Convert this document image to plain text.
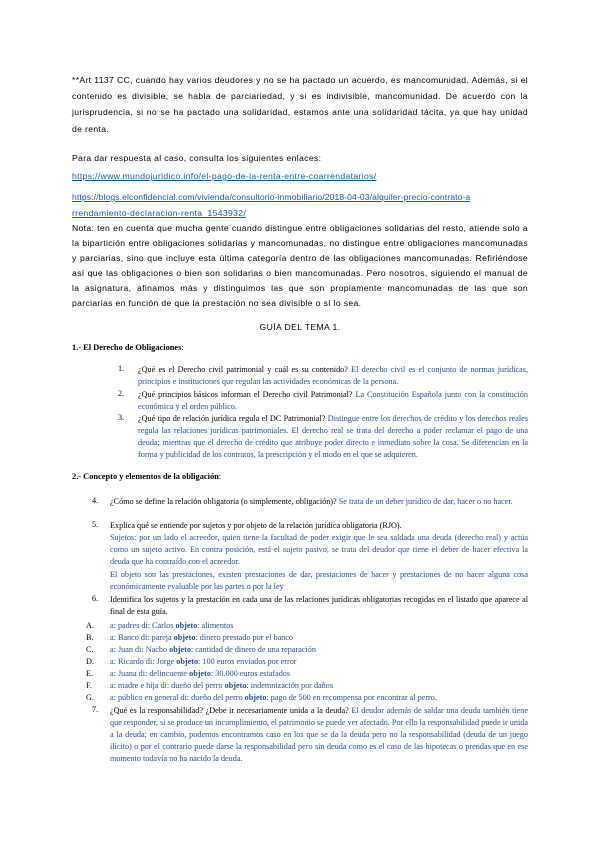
**Art 1137 CC, cuando hay varios deudores y no se ha pactado un acuerdo, es mancomunidad. Además, si el contenido es divisible, se habla de parciariedad, y si es indivisible, mancomunidad. De acuerdo con la jurisprudencia, si no se ha pactado una solidaridad, estamos ante una solidaridad tácita, ya que hay unidad de renta.

Para dar respuesta al caso, consulta los siguientes enlaces:

https://www.mundojuridico.info/el-pago-de-la-renta-entre-coarrendatarios/

https://blogs.elconfidencial.com/vivienda/consultorio-inmobiliario/2018-04-03/alquiler-precio-contrato-a

rrendamiento-declaracion-renta_1543932/

Nota: ten en cuenta que mucha gente cuando distingue entre obligaciones solidarias del resto, atiende solo a la bipartición entre obligaciones solidarias y mancomunadas, no distingue entre obligaciones mancomunadas y parciarias, sino que incluye esta última categoría dentro de las obligaciones mancomunadas. Refiriéndose así que las obligaciones o bien son solidarias o bien mancomunadas. Pero nosotros, siguiendo el manual de la asignatura, afinamos más y distinguimos las que son propiamente mancomunadas de las que son parciarias en función de que la prestación no sea divisible o sí lo sea.

GUÍA DEL TEMA 1.
1.- El Derecho de Obligaciones:
1. ¿Qué es el Derecho civil patrimonial y cuál es su contenido? El derecho civil es el conjunto de normas jurídicas, principios e instituciones que regulan las actividades económicas de la persona.

2. ¿Qué principios básicos informan el Derecho civil Patrimonial? La Constitución Española junto con la constitución económica y el orden público.

3. ¿Qué tipo de relación jurídica regula el DC Patrimonial? Distingue entre los derechos de crédito y los derechos reales regula las relaciones jurídicas patrimoniales. El derecho real se trata del derecho a poder reclamar el pago de una deuda; mientras que el derecho de crédito que atribuye poder directo e inmediato sobre la cosa. Se diferencian en la forma y publicidad de los contratos, la prescripción y el modo en el que se adquieren.

2.- Concepto y elementos de la obligación:
4. ¿Cómo se define la relación obligatoria (o simplemente, obligación)? Se trata de un deber jurídico de dar, hacer o no hacer.

5. Explica qué se entiende por sujetos y por objeto de la relación jurídica obligatoria (RJO).

Sujetos: por un lado el acreedor, quien tiene la facultad de poder exigir que le sea saldada una deuda (derecho real) y actúa como un sujeto activo. En contra posición, está el sujeto pasivo, se trata del deudor que tiene el deber de hacer efectiva la deuda que ha contraído con el acreedor.

El objeto son las prestaciones, existen prestaciones de dar, prestaciones de hacer y prestaciones de no hacer alguna cosa económicamente evaluable por las partes o por la ley

6. Identifica los sujetos y la prestación en cada una de las relaciones jurídicas obligatorias recogidas en el listado que aparece al final de esta guía.

A. a: padres di: Carlos objeto: alimentos

B. a: Banco di: pareja objeto: dinero prestado por el banco

C. a: Juan di: Nacho objeto: cantidad de dinero de una reparación

D. a: Ricardo di: Jorge objeto: 100 euros enviados por error

E. a: Juana di: delincuente objeto: 30.000 euros estafados

F. a: madre e hija di: dueño del perro objeto: indemnización por daños

G. a: público en general di: dueño del perro objeto: pago de 500 en recompensa por encontrar al perro.

7. ¿Qué es la responsabilidad? ¿Debe ir necesariamente unida a la deuda? El deudor además de saldar una deuda también tiene que responder, si se produce un incumplimiento, el patrimonio se puede ver afectado. Por ello la responsabilidad puede ir unida a la deuda; en cambio, podemos encontramos caso en los que se da la deuda pero no la responsabilidad (deuda de un juego ilícito) o por el contrario puede darse la responsabilidad pero sin deuda como es el caso de las hipotecas o prendas que en ese momento todavía no ha nacido la deuda.
